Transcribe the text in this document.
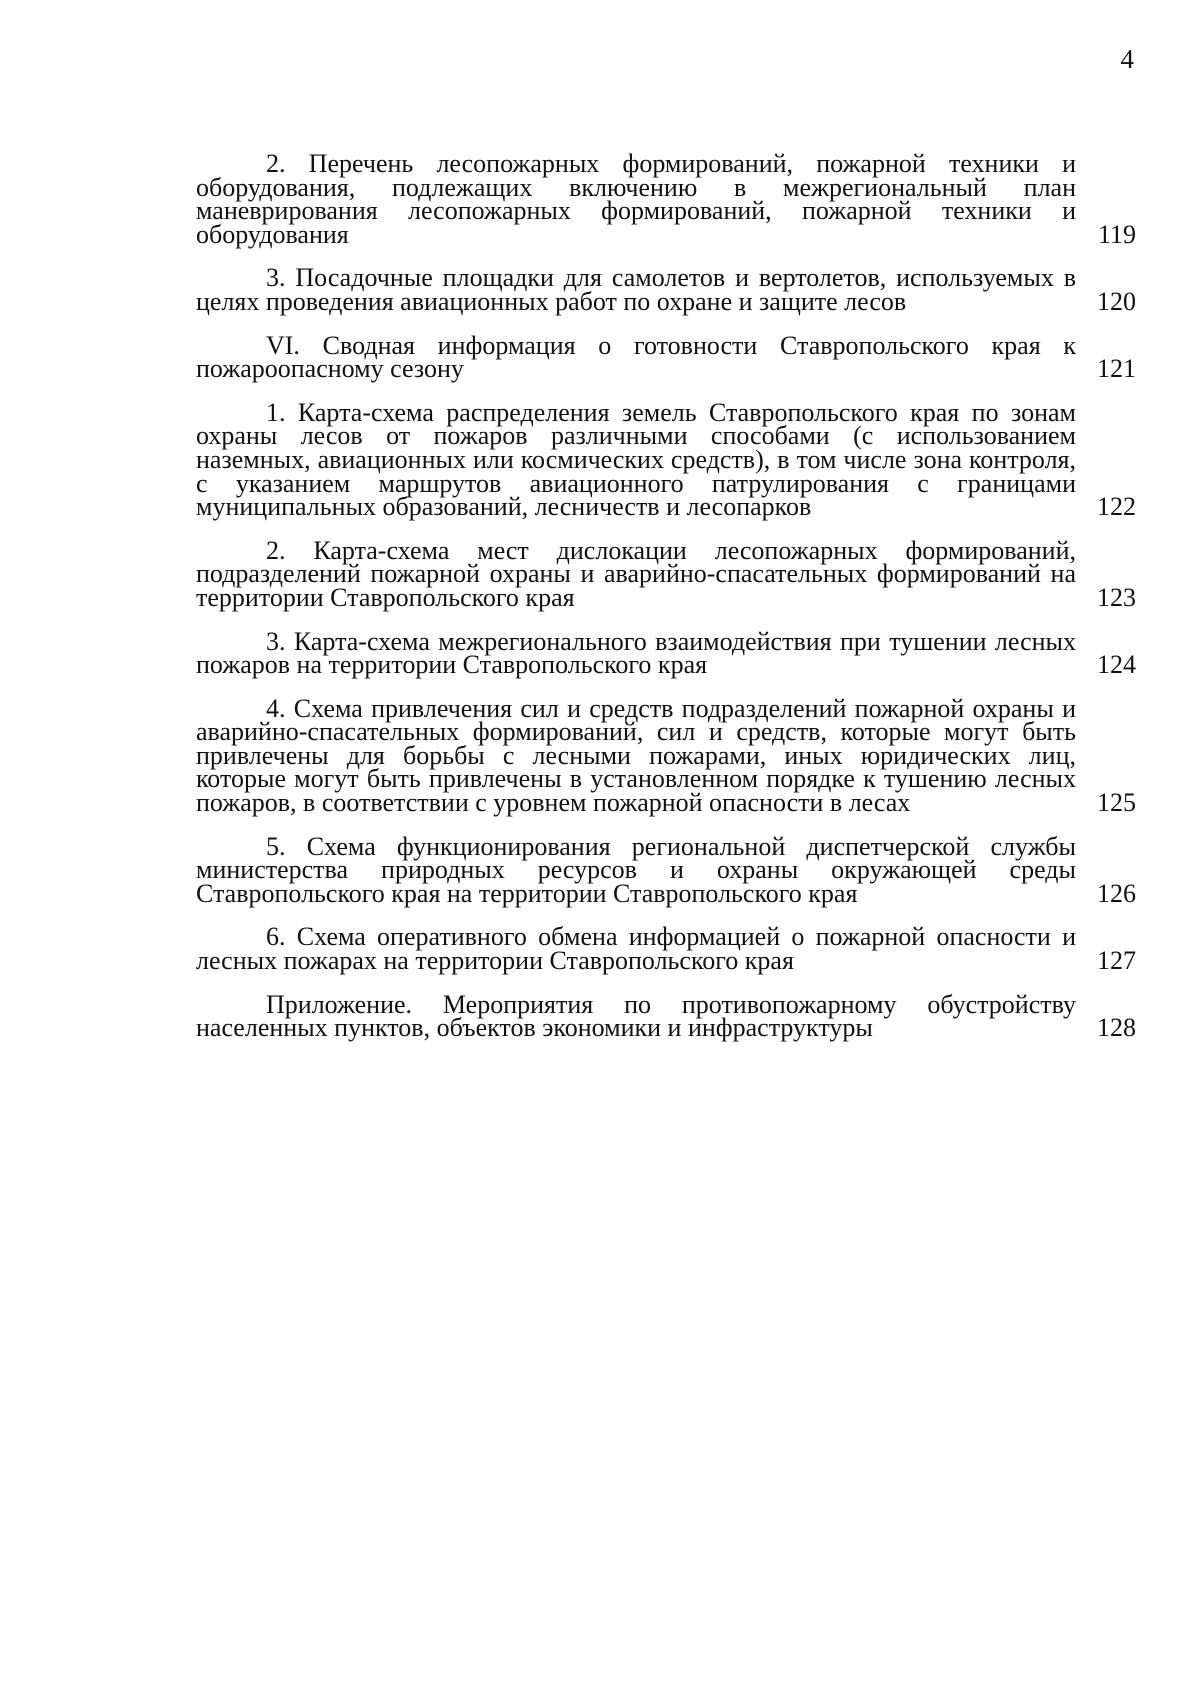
4
2. Перечень лесопожарных формирований, пожарной техники и оборудования, подлежащих включению в межрегиональный план маневрирования лесопожарных формирований, пожарной техники и оборудования	119
3. Посадочные площадки для самолетов и вертолетов, используемых в целях проведения авиационных работ по охране и защите лесов	120
VI. Сводная информация о готовности Ставропольского края к пожароопасному сезону	121
1. Карта-схема распределения земель Ставропольского края по зонам охраны лесов от пожаров различными способами (с использованием наземных, авиационных или космических средств), в том числе зона контроля, с указанием маршрутов авиационного патрулирования с границами муниципальных образований, лесничеств и лесопарков	122
2. Карта-схема мест дислокации лесопожарных формирований, подразделений пожарной охраны и аварийно-спасательных формирований на территории Ставропольского края	123
3. Карта-схема межрегионального взаимодействия при тушении лесных пожаров на территории Ставропольского края	124
4. Схема привлечения сил и средств подразделений пожарной охраны и аварийно-спасательных формирований, сил и средств, которые могут быть привлечены для борьбы с лесными пожарами, иных юридических лиц, которые могут быть привлечены в установленном порядке к тушению лесных пожаров, в соответствии с уровнем пожарной опасности в лесах	125
5. Схема функционирования региональной диспетчерской службы министерства природных ресурсов и охраны окружающей среды Ставропольского края на территории Ставропольского края	126
6. Схема оперативного обмена информацией о пожарной опасности и лесных пожарах на территории Ставропольского края	127
Приложение. Мероприятия по противопожарному обустройству населенных пунктов, объектов экономики и инфраструктуры	128
